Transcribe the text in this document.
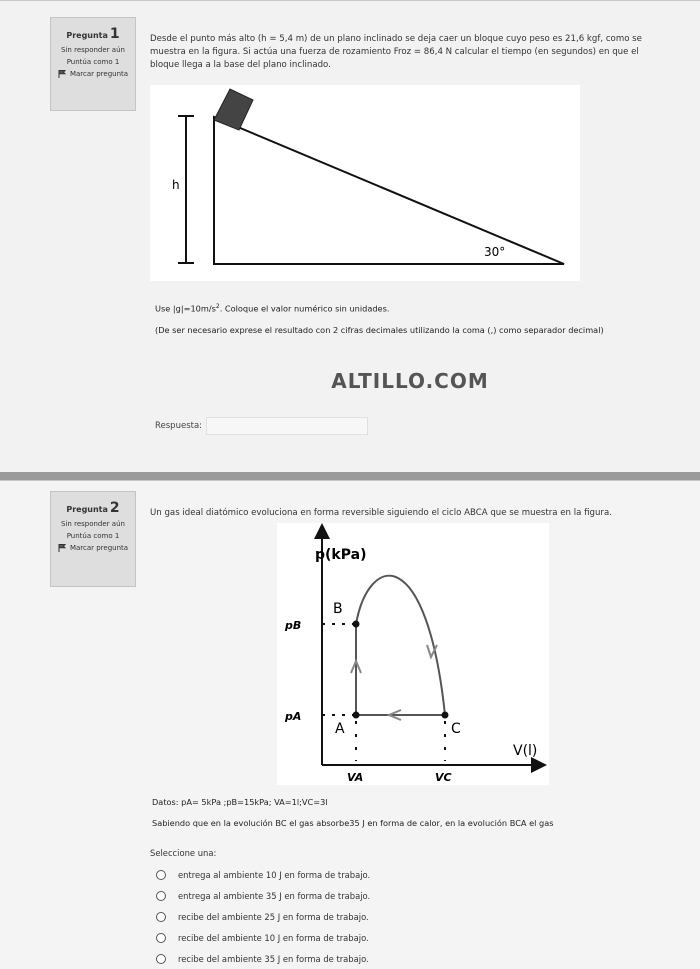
Pregunta 1
Sin responder aún
Puntúa como 1
Marcar pregunta
Desde el punto más alto (h = 5,4 m) de un plano inclinado se deja caer un bloque cuyo peso es 21,6 kgf, como se
muestra en la figura. Si actúa una fuerza de rozamiento Froz = 86,4 N calcular el tiempo (en segundos) en que el
bloque llega a la base del plano inclinado.
h
30°
Use $|g|=10m/s^2$. Coloque el valor numérico sin unidades.
(De ser necesario exprese el resultado con 2 cifras decimales utilizando la coma (,) como separador decimal)
ALTILLO.COM
Respuesta:
Pregunta 2
Sin responder aún
Puntúa como 1
Marcar pregunta
Un gas ideal diatómico evoluciona en forma reversible siguiendo el ciclo ABCA que se muestra en la figura.
p(kPa)
V(l)
B
A	C
pB
pA
VA	VC
Datos: pA= 5kPa ;pB=15kPa; VA=1l;VC=3l
Sabiendo que en la evolución BC el gas absorbe35 J en forma de calor, en la evolución BCA el gas
Seleccione una:
entrega al ambiente 10 J en forma de trabajo.
entrega al ambiente 35 J en forma de trabajo.
recibe del ambiente 25 J en forma de trabajo.
recibe del ambiente 10 J en forma de trabajo.
recibe del ambiente 35 J en forma de trabajo.
